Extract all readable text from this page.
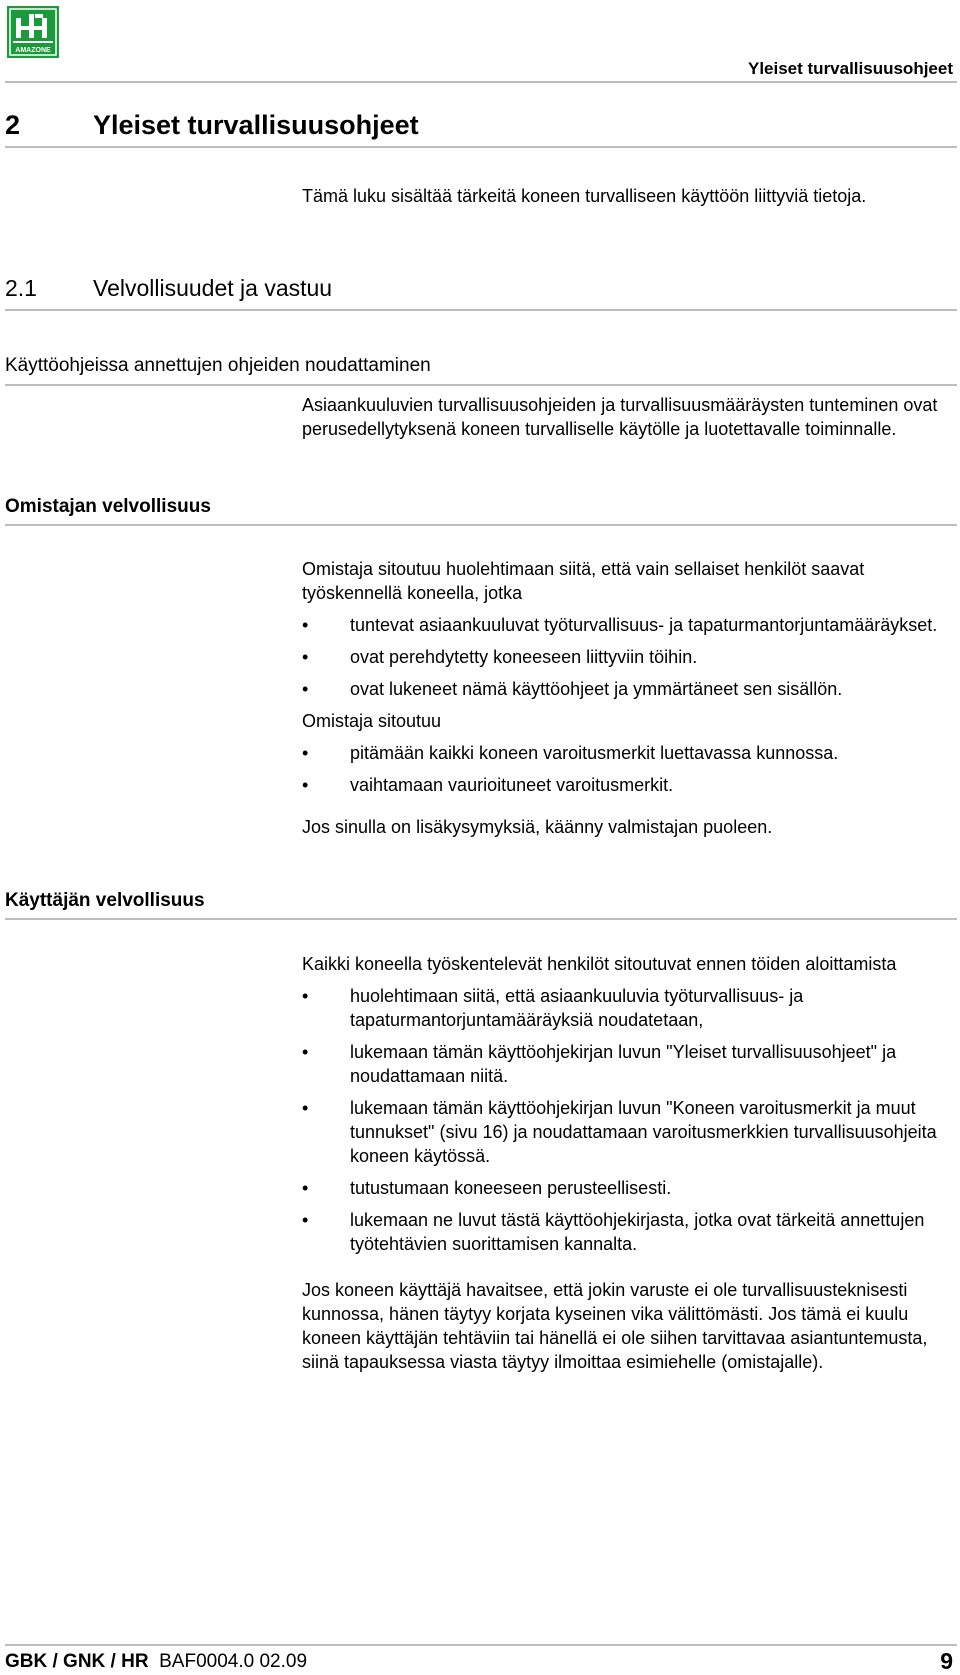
AMAZONE
Yleiset turvallisuusohjeet
2	Yleiset turvallisuusohjeet

Tämä luku sisältää tärkeitä koneen turvalliseen käyttöön liittyviä tietoja.

2.1 Velvollisuudet ja vastuu
Käyttöohjeissa annettujen ohjeiden noudattaminen

Asiaankuuluvien turvallisuusohjeiden ja turvallisuusmääräysten tunteminen ovat perusedellytyksenä koneen turvalliselle käytölle ja luotettavalle toiminnalle.

Omistajan velvollisuus

Omistaja sitoutuu huolehtimaan siitä, että vain sellaiset henkilöt saavat työskennellä koneella, jotka

• tuntevat asiaankuuluvat työturvallisuus- ja tapaturmantorjuntamääräykset.
• ovat perehdytetty koneeseen liittyviin töihin.
• ovat lukeneet nämä käyttöohjeet ja ymmärtäneet sen sisällön.

Omistaja sitoutuu

• pitämään kaikki koneen varoitusmerkit luettavassa kunnossa.
• vaihtamaan vaurioituneet varoitusmerkit.

Jos sinulla on lisäkysymyksiä, käänny valmistajan puoleen.

Käyttäjän velvollisuus

Kaikki koneella työskentelevät henkilöt sitoutuvat ennen töiden aloittamista

• huolehtimaan siitä, että asiaankuuluvia työturvallisuus- ja tapaturmantorjuntamääräyksiä noudatetaan,
• lukemaan tämän käyttöohjekirjan luvun "Yleiset turvallisuusohjeet" ja noudattamaan niitä.
• lukemaan tämän käyttöohjekirjan luvun "Koneen varoitusmerkit ja muut tunnukset" (sivu 16) ja noudattamaan varoitusmerkkien turvallisuusohjeita koneen käytössä.
• tutustumaan koneeseen perusteellisesti.
• lukemaan ne luvut tästä käyttöohjekirjasta, jotka ovat tärkeitä annettujen työtehtävien suorittamisen kannalta.

Jos koneen käyttäjä havaitsee, että jokin varuste ei ole turvallisuusteknisesti kunnossa, hänen täytyy korjata kyseinen vika välittömästi. Jos tämä ei kuulu koneen käyttäjän tehtäviin tai hänellä ei ole siihen tarvittavaa asiantuntemusta, siinä tapauksessa viasta täytyy ilmoittaa esimiehelle (omistajalle).

GBK / GNK / HR BAF0004.0 02.09	9
